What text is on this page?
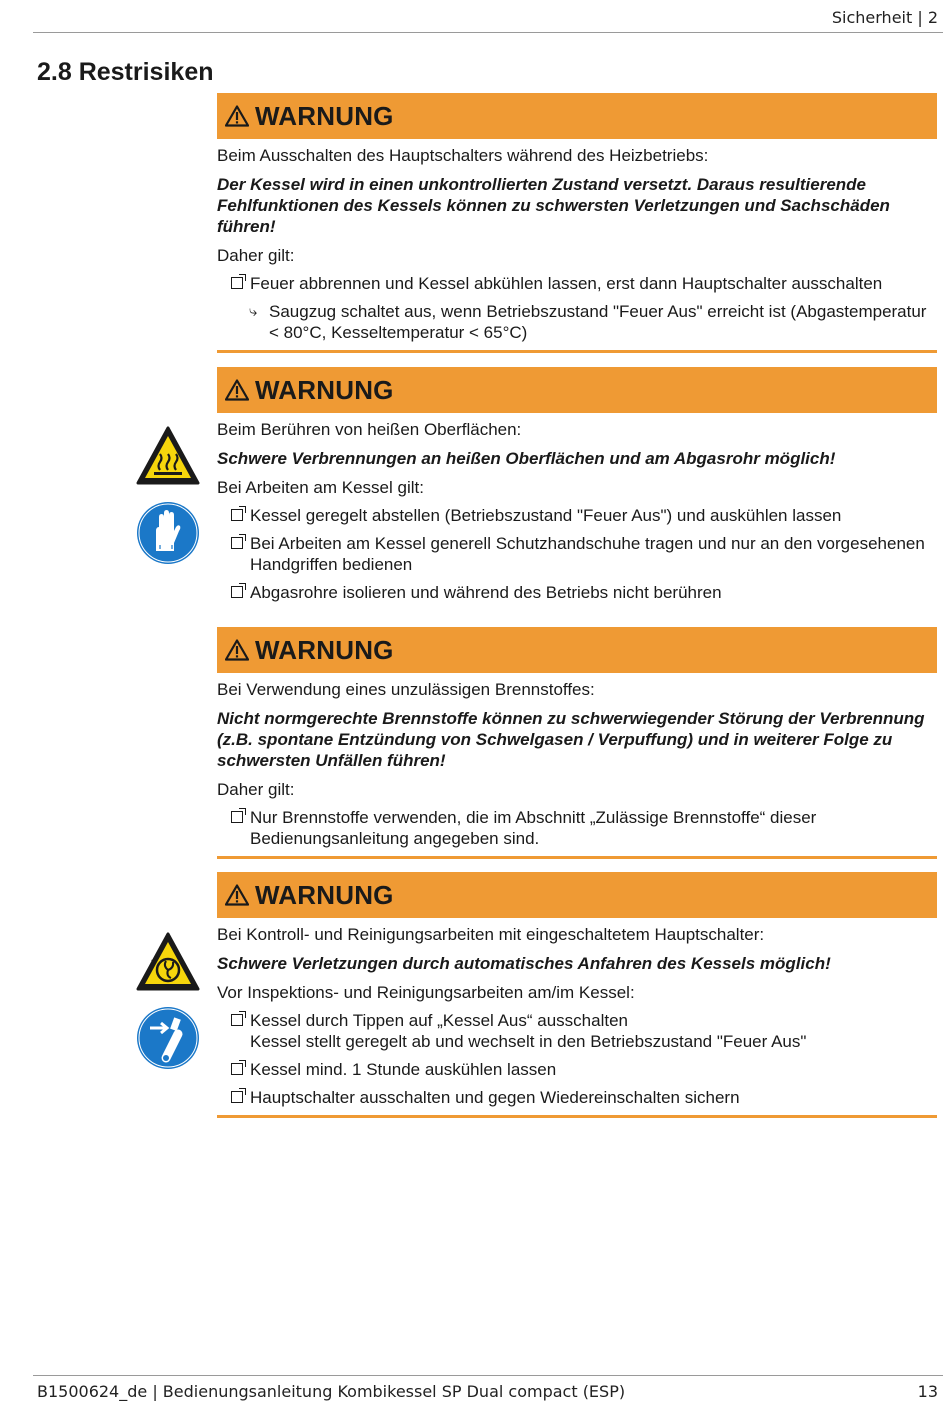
Sicherheit | 2
2.8 Restrisiken
WARNUNG

Beim Ausschalten des Hauptschalters während des Heizbetriebs:

Der Kessel wird in einen unkontrollierten Zustand versetzt. Daraus resultierende Fehlfunktionen des Kessels können zu schwersten Verletzungen und Sachschäden führen!

Daher gilt:

Feuer abbrennen und Kessel abkühlen lassen, erst dann Hauptschalter ausschalten
⤷ Saugzug schaltet aus, wenn Betriebszustand "Feuer Aus" erreicht ist (Abgastemperatur < 80°C, Kesseltemperatur < 65°C)
WARNUNG

Beim Berühren von heißen Oberflächen:

Schwere Verbrennungen an heißen Oberflächen und am Abgasrohr möglich!

Bei Arbeiten am Kessel gilt:

Kessel geregelt abstellen (Betriebszustand "Feuer Aus") und auskühlen lassen
Bei Arbeiten am Kessel generell Schutzhandschuhe tragen und nur an den vorgesehenen Handgriffen bedienen
Abgasrohre isolieren und während des Betriebs nicht berühren
WARNUNG

Bei Verwendung eines unzulässigen Brennstoffes:

Nicht normgerechte Brennstoffe können zu schwerwiegender Störung der Verbrennung (z.B. spontane Entzündung von Schwelgasen / Verpuffung) und in weiterer Folge zu schwersten Unfällen führen!

Daher gilt:

Nur Brennstoffe verwenden, die im Abschnitt „Zulässige Brennstoffe“ dieser Bedienungsanleitung angegeben sind.
WARNUNG

Bei Kontroll- und Reinigungsarbeiten mit eingeschaltetem Hauptschalter:

Schwere Verletzungen durch automatisches Anfahren des Kessels möglich!

Vor Inspektions- und Reinigungsarbeiten am/im Kessel:

Kessel durch Tippen auf „Kessel Aus“ ausschalten
Kessel stellt geregelt ab und wechselt in den Betriebszustand "Feuer Aus"
Kessel mind. 1 Stunde auskühlen lassen
Hauptschalter ausschalten und gegen Wiedereinschalten sichern
B1500624_de | Bedienungsanleitung Kombikessel SP Dual compact (ESP)	13
